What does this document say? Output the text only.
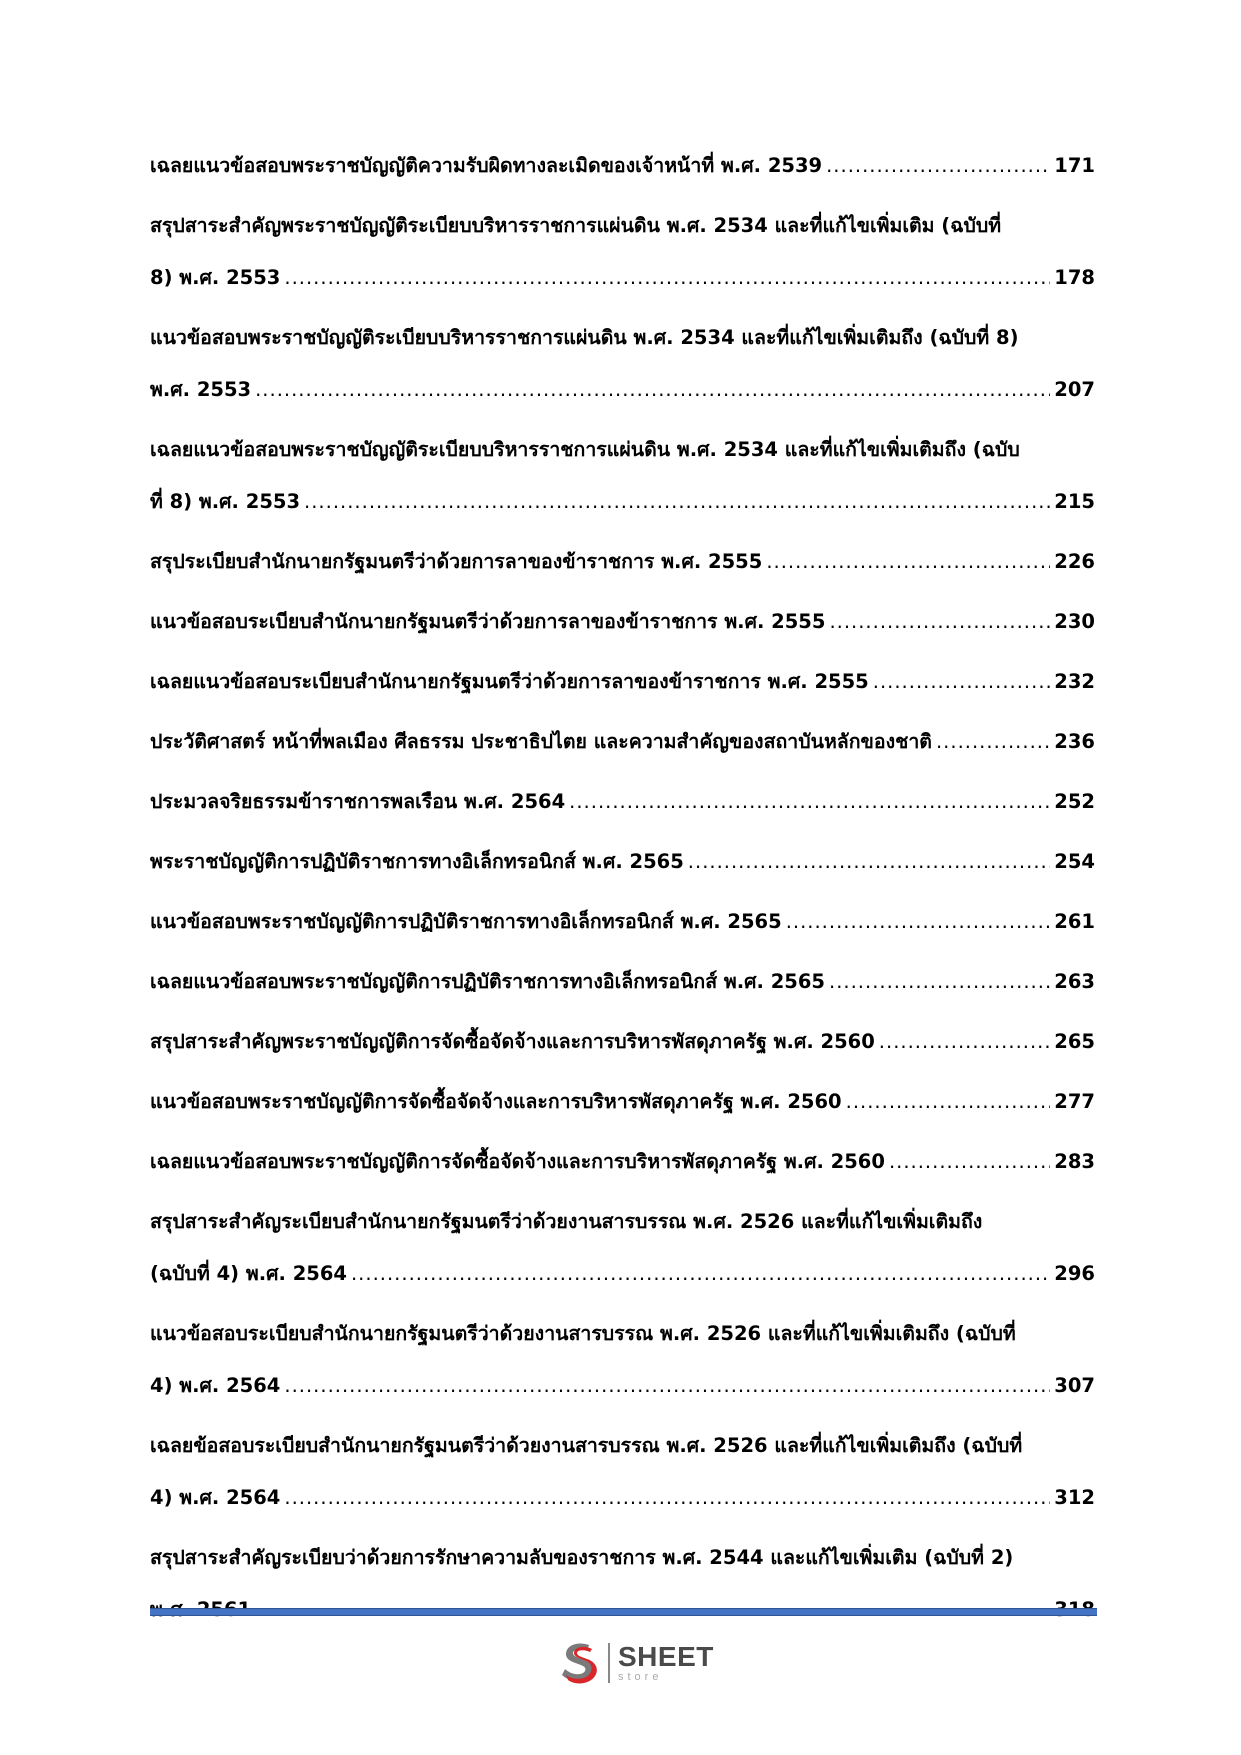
เฉลยแนวข้อสอบพระราชบัญญัติความรับผิดทางละเมิดของเจ้าหน้าที่ พ.ศ. 2539 .....	171
สรุปสาระสำคัญพระราชบัญญัติระเบียบบริหารราชการแผ่นดิน พ.ศ. 2534 และที่แก้ไขเพิ่มเติม (ฉบับที่
8) พ.ศ. 2553 .....	178
แนวข้อสอบพระราชบัญญัติระเบียบบริหารราชการแผ่นดิน พ.ศ. 2534 และที่แก้ไขเพิ่มเติมถึง (ฉบับที่ 8)
พ.ศ. 2553 .....	207
เฉลยแนวข้อสอบพระราชบัญญัติระเบียบบริหารราชการแผ่นดิน พ.ศ. 2534 และที่แก้ไขเพิ่มเติมถึง (ฉบับ
ที่ 8) พ.ศ. 2553 .....	215
สรุประเบียบสำนักนายกรัฐมนตรีว่าด้วยการลาของข้าราชการ พ.ศ. 2555 .....	226
แนวข้อสอบระเบียบสำนักนายกรัฐมนตรีว่าด้วยการลาของข้าราชการ พ.ศ. 2555 .....	230
เฉลยแนวข้อสอบระเบียบสำนักนายกรัฐมนตรีว่าด้วยการลาของข้าราชการ พ.ศ. 2555 .....	232
ประวัติศาสตร์ หน้าที่พลเมือง ศีลธรรม ประชาธิปไตย และความสำคัญของสถาบันหลักของชาติ .....	236
ประมวลจริยธรรมข้าราชการพลเรือน พ.ศ. 2564 .....	252
พระราชบัญญัติการปฏิบัติราชการทางอิเล็กทรอนิกส์ พ.ศ. 2565 .....	254
แนวข้อสอบพระราชบัญญัติการปฏิบัติราชการทางอิเล็กทรอนิกส์ พ.ศ. 2565 .....	261
เฉลยแนวข้อสอบพระราชบัญญัติการปฏิบัติราชการทางอิเล็กทรอนิกส์ พ.ศ. 2565 .....	263
สรุปสาระสำคัญพระราชบัญญัติการจัดซื้อจัดจ้างและการบริหารพัสดุภาครัฐ พ.ศ. 2560 .....	265
แนวข้อสอบพระราชบัญญัติการจัดซื้อจัดจ้างและการบริหารพัสดุภาครัฐ พ.ศ. 2560 .....	277
เฉลยแนวข้อสอบพระราชบัญญัติการจัดซื้อจัดจ้างและการบริหารพัสดุภาครัฐ พ.ศ. 2560 .....	283
สรุปสาระสำคัญระเบียบสำนักนายกรัฐมนตรีว่าด้วยงานสารบรรณ พ.ศ. 2526 และที่แก้ไขเพิ่มเติมถึง
(ฉบับที่ 4) พ.ศ. 2564 .....	296
แนวข้อสอบระเบียบสำนักนายกรัฐมนตรีว่าด้วยงานสารบรรณ พ.ศ. 2526 และที่แก้ไขเพิ่มเติมถึง (ฉบับที่
4) พ.ศ. 2564 .....	307
เฉลยข้อสอบระเบียบสำนักนายกรัฐมนตรีว่าด้วยงานสารบรรณ พ.ศ. 2526 และที่แก้ไขเพิ่มเติมถึง (ฉบับที่
4) พ.ศ. 2564 .....	312
สรุปสาระสำคัญระเบียบว่าด้วยการรักษาความลับของราชการ พ.ศ. 2544 และแก้ไขเพิ่มเติม (ฉบับที่ 2)
.....
SHEET
store
